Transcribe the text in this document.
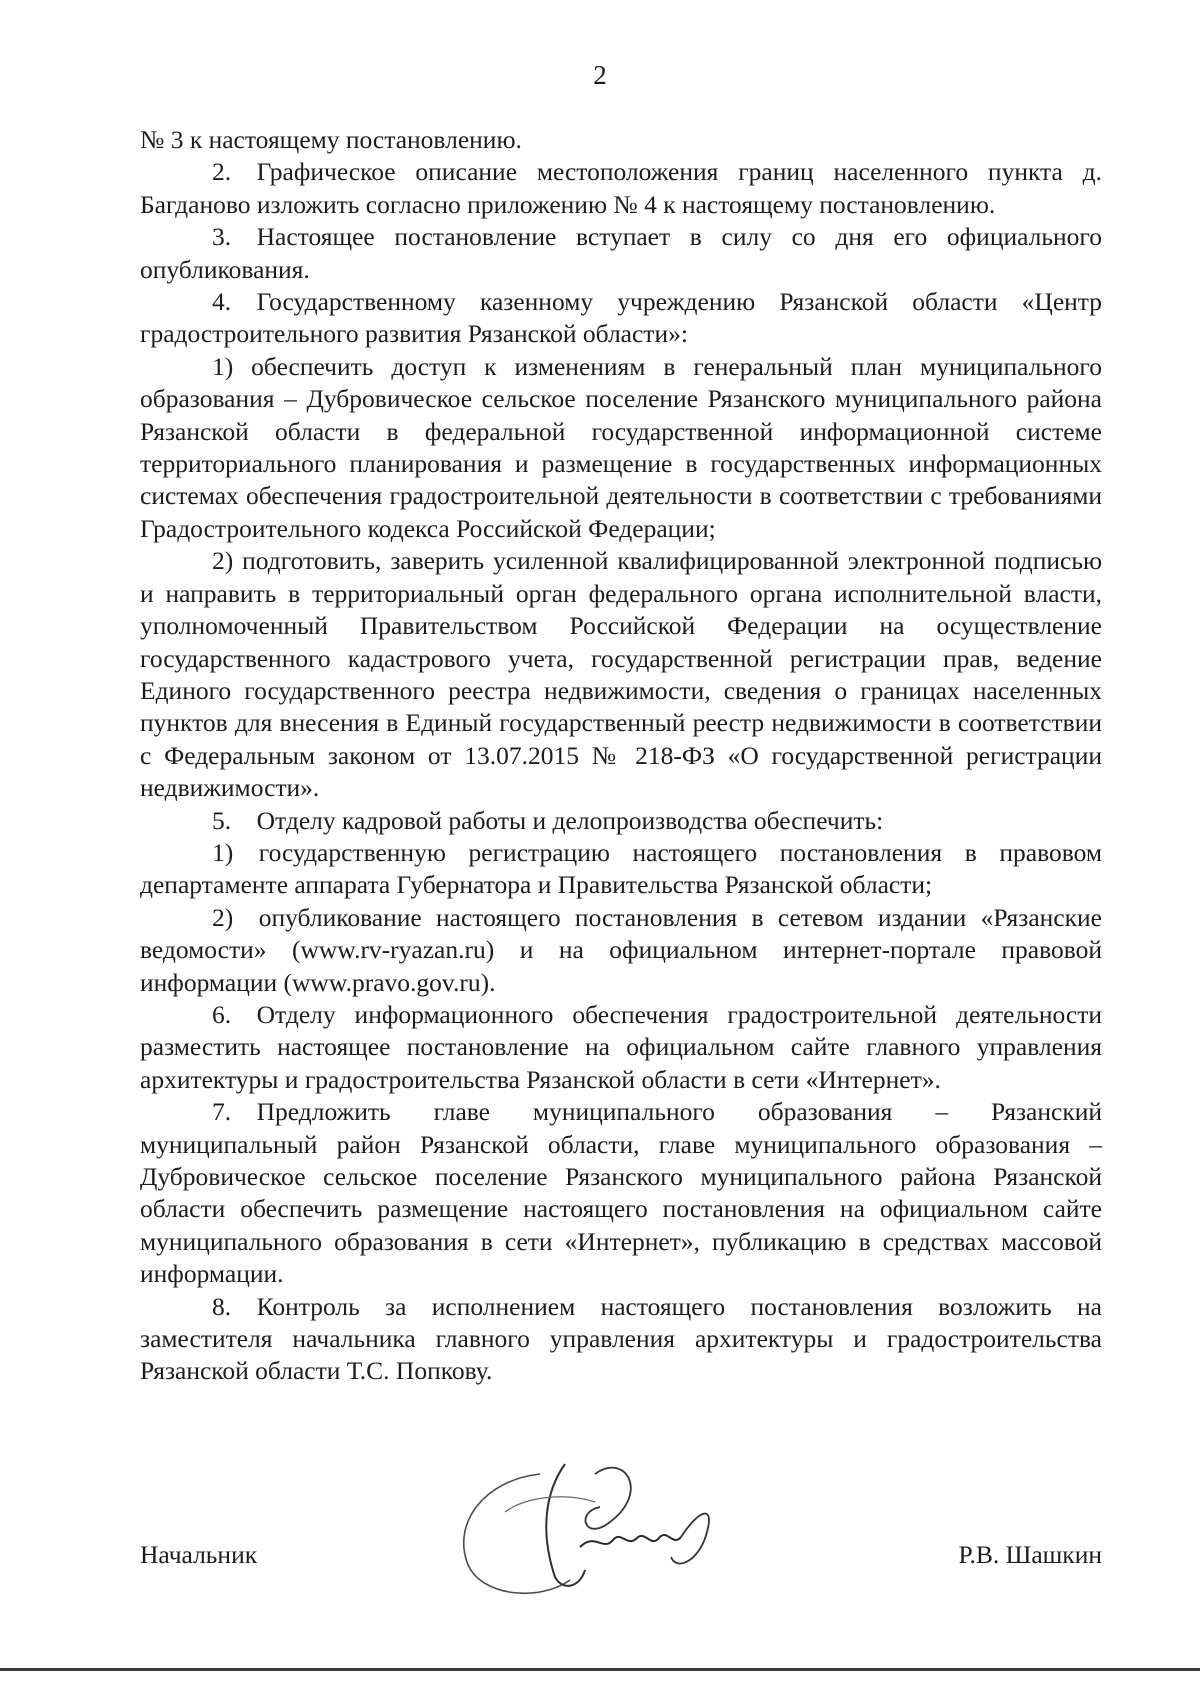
2

№ 3 к настоящему постановлению.

2. Графическое описание местоположения границ населенного пункта д. Багданово изложить согласно приложению № 4 к настоящему постановлению.

3. Настоящее постановление вступает в силу со дня его официального опубликования.

4. Государственному казенному учреждению Рязанской области «Центр градостроительного развития Рязанской области»:

1) обеспечить доступ к изменениям в генеральный план муниципального образования – Дубровическое сельское поселение Рязанского муниципального района Рязанской области в федеральной государственной информационной системе территориального планирования и размещение в государственных информационных системах обеспечения градостроительной деятельности в соответствии с требованиями Градостроительного кодекса Российской Федерации;

2) подготовить, заверить усиленной квалифицированной электронной подписью и направить в территориальный орган федерального органа исполнительной власти, уполномоченный Правительством Российской Федерации на осуществление государственного кадастрового учета, государственной регистрации прав, ведение Единого государственного реестра недвижимости, сведения о границах населенных пунктов для внесения в Единый государственный реестр недвижимости в соответствии с Федеральным законом от 13.07.2015 № 218-ФЗ «О государственной регистрации недвижимости».

5. Отделу кадровой работы и делопроизводства обеспечить:

1) государственную регистрацию настоящего постановления в правовом департаменте аппарата Губернатора и Правительства Рязанской области;

2) опубликование настоящего постановления в сетевом издании «Рязанские ведомости» (www.rv-ryazan.ru) и на официальном интернет-портале правовой информации (www.pravo.gov.ru).

6. Отделу информационного обеспечения градостроительной деятельности разместить настоящее постановление на официальном сайте главного управления архитектуры и градостроительства Рязанской области в сети «Интернет».

7. Предложить главе муниципального образования – Рязанский муниципальный район Рязанской области, главе муниципального образования – Дубровическое сельское поселение Рязанского муниципального района Рязанской области обеспечить размещение настоящего постановления на официальном сайте муниципального образования в сети «Интернет», публикацию в средствах массовой информации.

8. Контроль за исполнением настоящего постановления возложить на заместителя начальника главного управления архитектуры и градостроительства Рязанской области Т.С. Попкову.

Начальник	Р.В. Шашкин
